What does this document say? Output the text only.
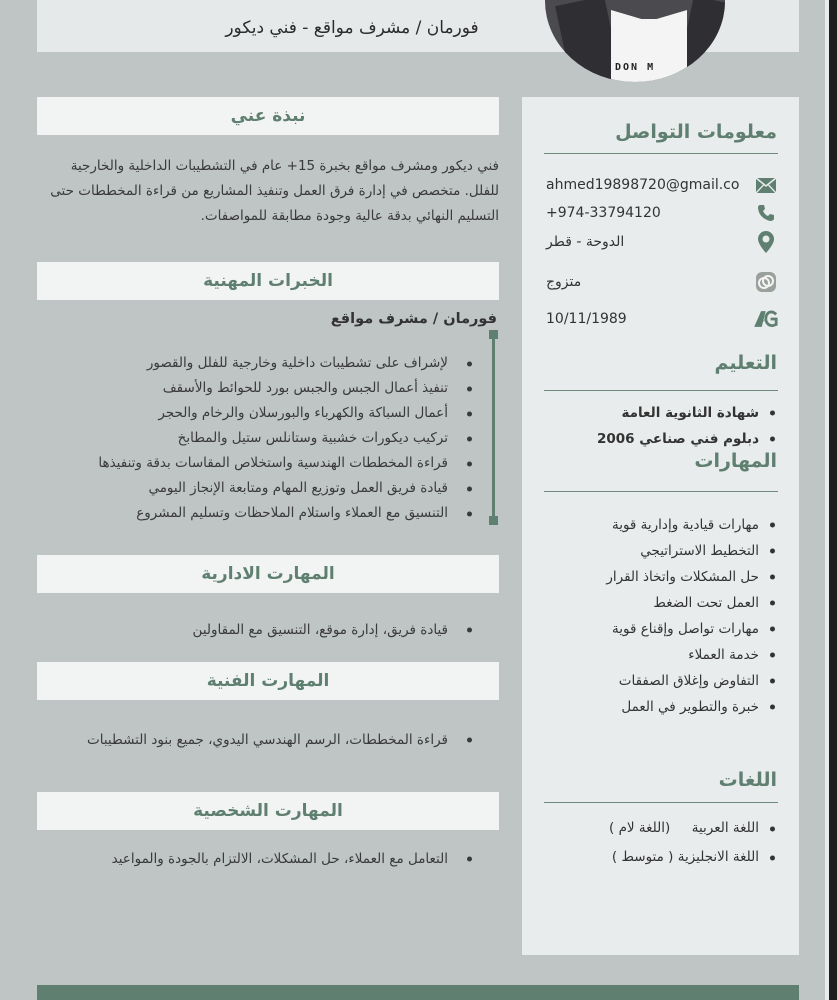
فورمان / مشرف مواقع - فني ديكور
DON M
نبذة عني
فني ديكور ومشرف مواقع بخبرة 15+ عام في التشطيبات الداخلية والخارجية للفلل. متخصص في إدارة فرق العمل وتنفيذ المشاريع من قراءة المخططات حتى التسليم النهائي بدقة عالية وجودة مطابقة للمواصفات.
الخبرات المهنية
فورمان / مشرف مواقع
لإشراف على تشطيبات داخلية وخارجية للفلل والقصور
تنفيذ أعمال الجبس والجبس بورد للحوائط والأسقف
أعمال السباكة والكهرباء والبورسلان والرخام والحجر
تركيب ديكورات خشبية وستانلس ستيل والمطابخ
قراءة المخططات الهندسية واستخلاص المقاسات بدقة وتنفيذها
قيادة فريق العمل وتوزيع المهام ومتابعة الإنجاز اليومي
التنسيق مع العملاء واستلام الملاحظات وتسليم المشروع
المهارت الادارية
قيادة فريق، إدارة موقع، التنسيق مع المقاولين
المهارت الفنية
قراءة المخططات، الرسم الهندسي اليدوي، جميع بنود التشطيبات
المهارت الشخصية
التعامل مع العملاء، حل المشكلات، الالتزام بالجودة والمواعيد
معلومات التواصل
ahmed19898720@gmail.co
+974-33794120
الدوحة - قطر
متزوج
10/11/1989
التعليم
شهادة الثانوية العامة
دبلوم فني صناعي 2006
المهارات
مهارات قيادية وإدارية قوية
التخطيط الاستراتيجي
حل المشكلات واتخاذ القرار
العمل تحت الضغط
مهارات تواصل وإقناع قوية
خدمة العملاء
التفاوض وإغلاق الصفقات
خبرة والتطوير في العمل
اللغات
اللغة العربية     (اللغة لام )
اللغة الانجليزية ( متوسط )
